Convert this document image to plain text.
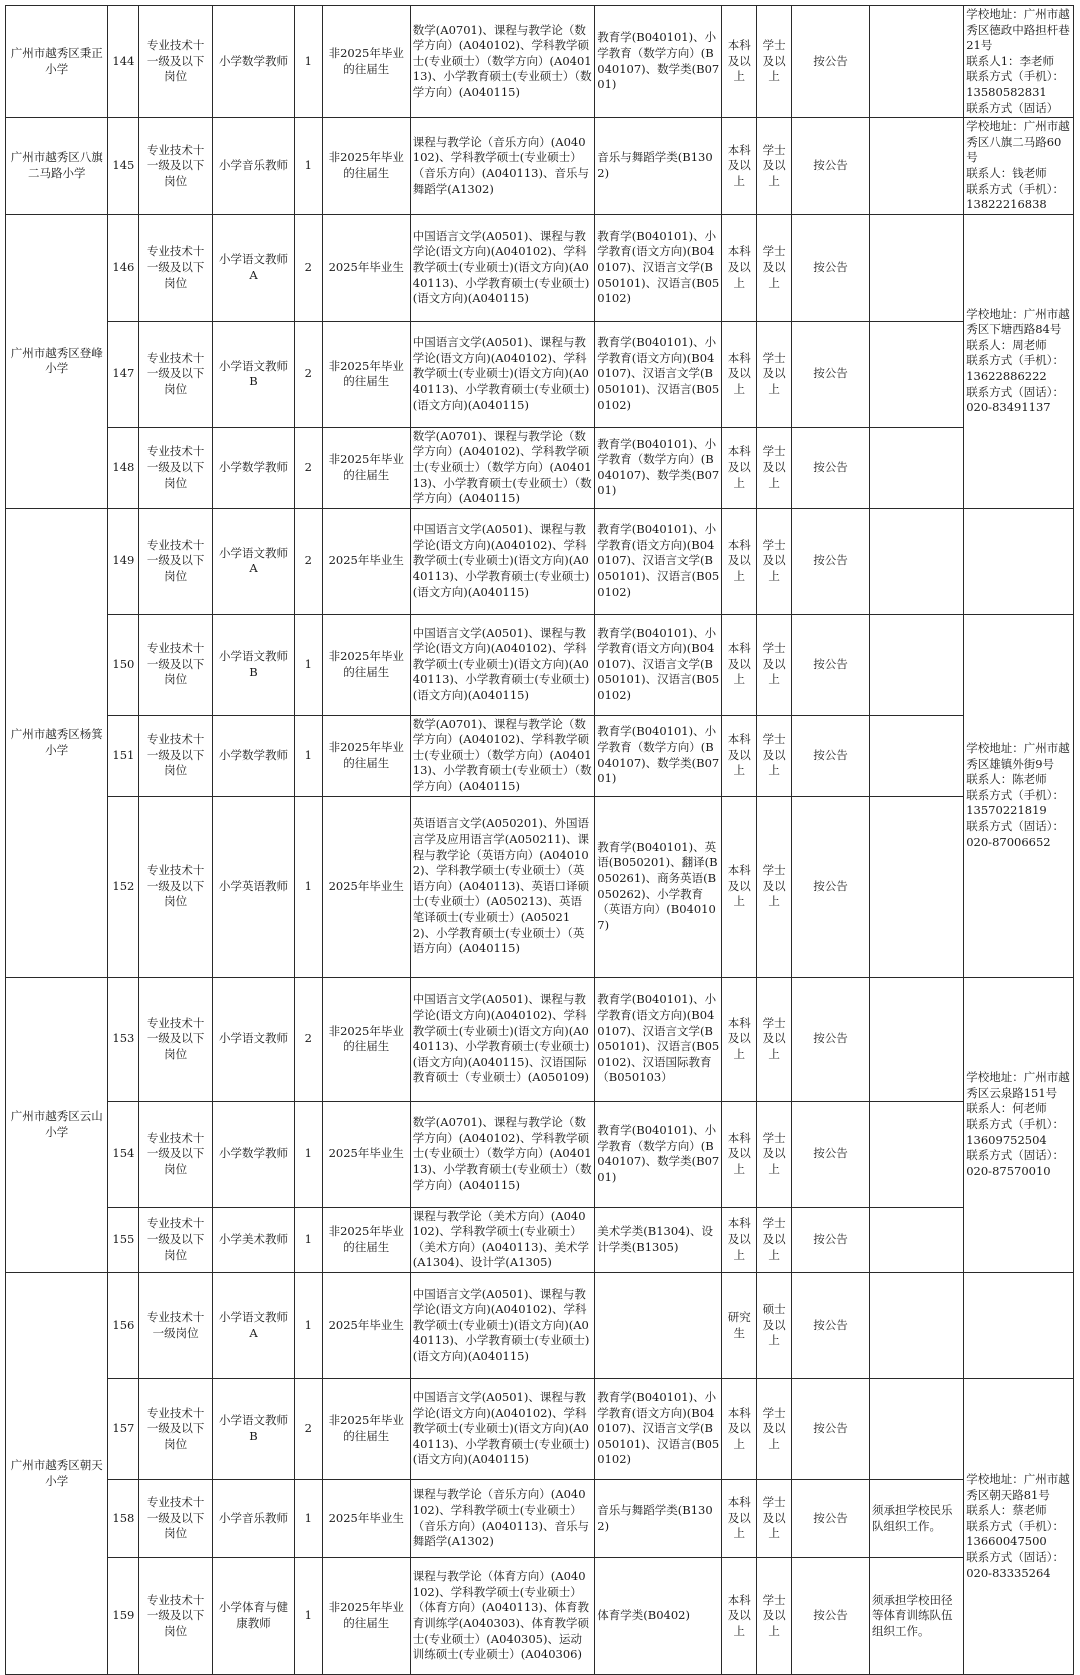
广州市越秀区秉正小学	144	专业技术十一级及以下岗位	小学数学教师	1	非2025年毕业的往届生	数学(A0701)、课程与教学论（数学方向）(A040102)、学科教学硕士(专业硕士）（数学方向）(A040113)、小学教育硕士(专业硕士）（数学方向）(A040115)	教育学(B040101)、小学教育（数学方向）(B040107)、数学类(B0701)	本科及以上	学士及以上	按公告		学校地址：广州市越秀区德政中路担杆巷21号
联系人1：李老师
联系方式（手机）：13580582831
联系方式（固话）

广州市越秀区八旗二马路小学	145	专业技术十一级及以下岗位	小学音乐教师	1	非2025年毕业的往届生	课程与教学论（音乐方向）(A040102)、学科教学硕士(专业硕士）（音乐方向）(A040113)、音乐与舞蹈学(A1302)	音乐与舞蹈学类(B1302)	本科及以上	学士及以上	按公告		学校地址：广州市越秀区八旗二马路60号
联系人：钱老师
联系方式（手机）：13822216838

广州市越秀区登峰小学	146	专业技术十一级及以下岗位	小学语文教师A	2	2025年毕业生	中国语言文学(A0501)、课程与教学论(语文方向)(A040102)、学科教学硕士(专业硕士)(语文方向)(A040113)、小学教育硕士(专业硕士)(语文方向)(A040115)	教育学(B040101)、小学教育(语文方向)(B040107)、汉语言文学(B050101)、汉语言(B050102)	本科及以上	学士及以上	按公告		学校地址：广州市越秀区下塘西路84号
联系人：周老师
联系方式（手机）：13622886222
联系方式（固话）：020-83491137

	147	专业技术十一级及以下岗位	小学语文教师B	2	非2025年毕业的往届生	中国语言文学(A0501)、课程与教学论(语文方向)(A040102)、学科教学硕士(专业硕士)(语文方向)(A040113)、小学教育硕士(专业硕士)(语文方向)(A040115)	教育学(B040101)、小学教育(语文方向)(B040107)、汉语言文学(B050101)、汉语言(B050102)	本科及以上	学士及以上	按公告		
	148	专业技术十一级及以下岗位	小学数学教师	2	非2025年毕业的往届生	数学(A0701)、课程与教学论（数学方向）(A040102)、学科教学硕士(专业硕士）（数学方向）(A040113)、小学教育硕士(专业硕士）（数学方向）(A040115)	教育学(B040101)、小学教育（数学方向）(B040107)、数学类(B0701)	本科及以上	学士及以上	按公告		
广州市越秀区杨箕小学	149	专业技术十一级及以下岗位	小学语文教师A	2	2025年毕业生	中国语言文学(A0501)、课程与教学论(语文方向)(A040102)、学科教学硕士(专业硕士)(语文方向)(A040113)、小学教育硕士(专业硕士)(语文方向)(A040115)	教育学(B040101)、小学教育(语文方向)(B040107)、汉语言文学(B050101)、汉语言(B050102)	本科及以上	学士及以上	按公告		
	150	专业技术十一级及以下岗位	小学语文教师B	1	非2025年毕业的往届生	中国语言文学(A0501)、课程与教学论(语文方向)(A040102)、学科教学硕士(专业硕士)(语文方向)(A040113)、小学教育硕士(专业硕士)(语文方向)(A040115)	教育学(B040101)、小学教育(语文方向)(B040107)、汉语言文学(B050101)、汉语言(B050102)	本科及以上	学士及以上	按公告		学校地址：广州市越秀区雄镇外街9号
联系人：陈老师
联系方式（手机）：13570221819
联系方式（固话）：020-87006652

	151	专业技术十一级及以下岗位	小学数学教师	1	非2025年毕业的往届生	数学(A0701)、课程与教学论（数学方向）(A040102)、学科教学硕士(专业硕士）（数学方向）(A040113)、小学教育硕士(专业硕士）（数学方向）(A040115)	教育学(B040101)、小学教育（数学方向）(B040107)、数学类(B0701)	本科及以上	学士及以上	按公告		
	152	专业技术十一级及以下岗位	小学英语教师	1	2025年毕业生	英语语言文学(A050201)、外国语言学及应用语言学(A050211)、课程与教学论（英语方向）(A040102)、学科教学硕士(专业硕士）（英语方向）(A040113)、英语口译硕士(专业硕士）(A050213)、英语笔译硕士(专业硕士）(A050212)、小学教育硕士(专业硕士）（英语方向）(A040115)	教育学(B040101)、英语(B050201)、翻译(B050261)、商务英语(B050262)、小学教育（英语方向）(B040107)	本科及以上	学士及以上	按公告		
广州市越秀区云山小学	153	专业技术十一级及以下岗位	小学语文教师	2	非2025年毕业的往届生	中国语言文学(A0501)、课程与教学论(语文方向)(A040102)、学科教学硕士(专业硕士)(语文方向)(A040113)、小学教育硕士(专业硕士)(语文方向)(A040115)、汉语国际教育硕士（专业硕士）(A050109)	教育学(B040101)、小学教育(语文方向)(B040107)、汉语言文学(B050101)、汉语言(B050102)、汉语国际教育（B050103）	本科及以上	学士及以上	按公告		学校地址：广州市越秀区云泉路151号
联系人：何老师
联系方式（手机）：13609752504
联系方式（固话）：020-87570010

	154	专业技术十一级及以下岗位	小学数学教师	1	2025年毕业生	数学(A0701)、课程与教学论（数学方向）(A040102)、学科教学硕士(专业硕士）（数学方向）(A040113)、小学教育硕士(专业硕士）（数学方向）(A040115)	教育学(B040101)、小学教育（数学方向）(B040107)、数学类(B0701)	本科及以上	学士及以上	按公告		
	155	专业技术十一级及以下岗位	小学美术教师	1	非2025年毕业的往届生	课程与教学论（美术方向）(A040102)、学科教学硕士(专业硕士）（美术方向）(A040113)、美术学(A1304)、设计学(A1305)	美术学类(B1304)、设计学类(B1305)	本科及以上	学士及以上	按公告		
广州市越秀区朝天小学	156	专业技术十一级岗位	小学语文教师A	1	2025年毕业生	中国语言文学(A0501)、课程与教学论(语文方向)(A040102)、学科教学硕士(专业硕士)(语文方向)(A040113)、小学教育硕士(专业硕士)(语文方向)(A040115)		研究生	硕士及以上	按公告		
	157	专业技术十一级及以下岗位	小学语文教师B	2	非2025年毕业的往届生	中国语言文学(A0501)、课程与教学论(语文方向)(A040102)、学科教学硕士(专业硕士)(语文方向)(A040113)、小学教育硕士(专业硕士)(语文方向)(A040115)	教育学(B040101)、小学教育(语文方向)(B040107)、汉语言文学(B050101)、汉语言(B050102)	本科及以上	学士及以上	按公告		学校地址：广州市越秀区朝天路81号
联系人：蔡老师
联系方式（手机）：13660047500
联系方式（固话）：020-83335264

	158	专业技术十一级及以下岗位	小学音乐教师	1	2025年毕业生	课程与教学论（音乐方向）(A040102)、学科教学硕士(专业硕士）（音乐方向）(A040113)、音乐与舞蹈学(A1302)	音乐与舞蹈学类(B1302)	本科及以上	学士及以上	按公告	须承担学校民乐队组织工作。	
	159	专业技术十一级及以下岗位	小学体育与健康教师	1	非2025年毕业的往届生	课程与教学论（体育方向）(A040102)、学科教学硕士(专业硕士）（体育方向）(A040113)、体育教育训练学(A040303)、体育教学硕士(专业硕士）(A040305)、运动训练硕士(专业硕士）(A040306)	体育学类(B0402)	本科及以上	学士及以上	按公告	须承担学校田径等体育训练队伍组织工作。	
